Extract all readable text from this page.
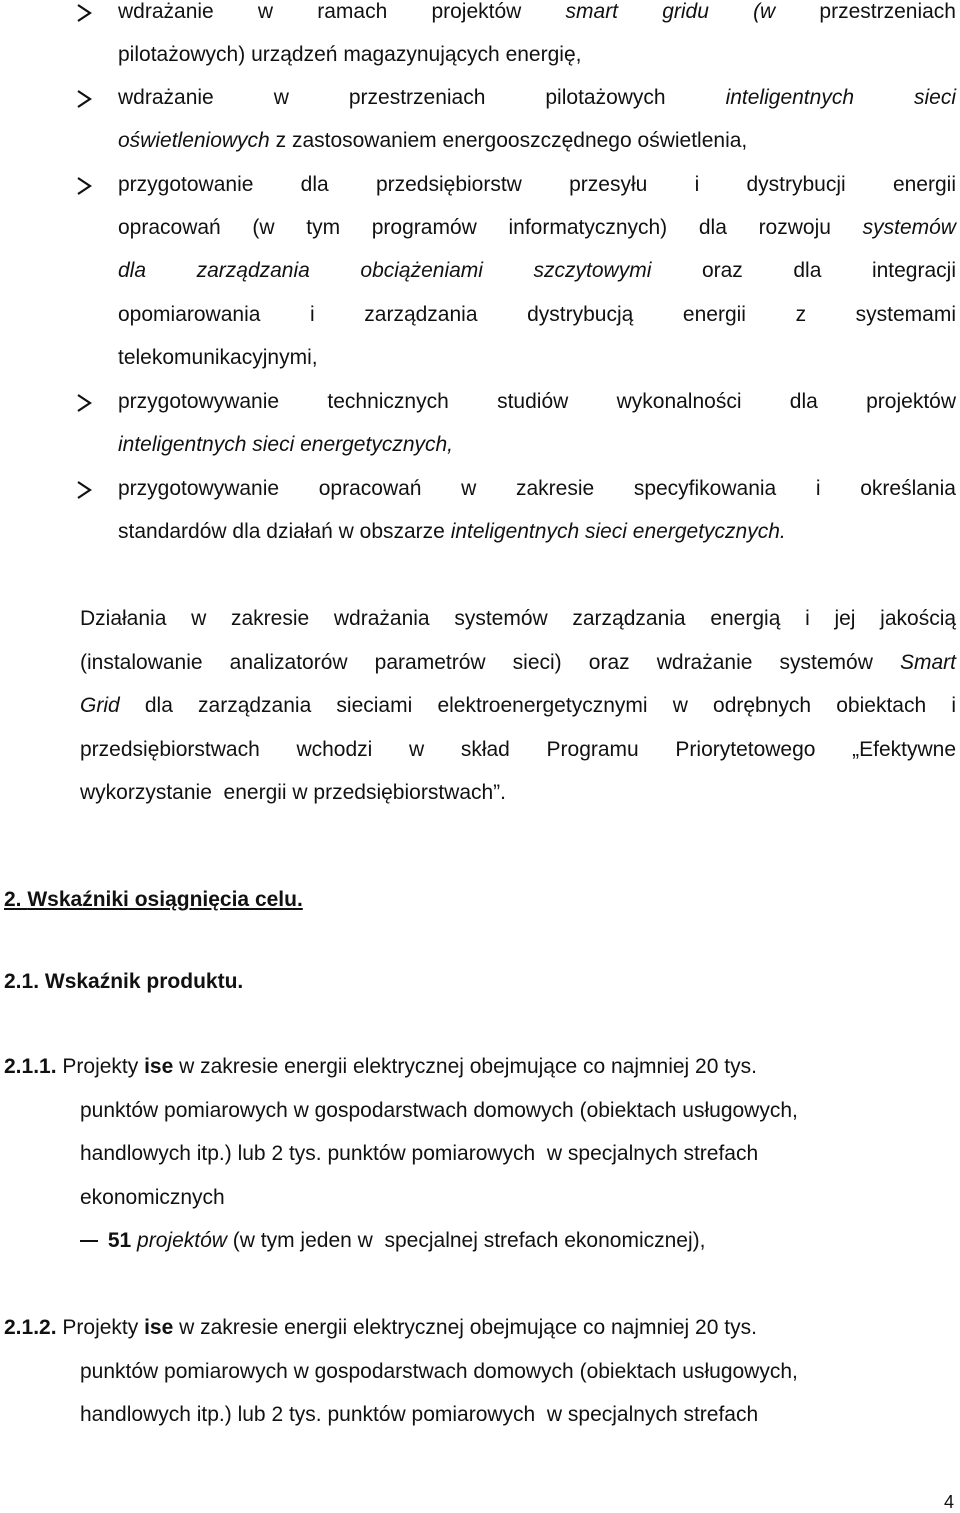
wdrażanie w ramach projektów smart gridu (w przestrzeniach
pilotażowych) urządzeń magazynujących energię,
wdrażanie	w	przestrzeniach	pilotażowych	inteligentnych	sieci
oświetleniowych z zastosowaniem energooszczędnego oświetlenia,
przygotowanie dla przedsiębiorstw przesyłu i dystrybucji energii
opracowań (w tym programów informatycznych) dla rozwoju systemów
dla zarządzania obciążeniami szczytowymi oraz dla integracji
opomiarowania i zarządzania dystrybucją energii z systemami
telekomunikacyjnymi,
przygotowywanie technicznych studiów wykonalności dla projektów
inteligentnych sieci energetycznych,
przygotowywanie opracowań w zakresie specyfikowania i określania
standardów dla działań w obszarze inteligentnych sieci energetycznych.
Działania w zakresie wdrażania systemów zarządzania energią i jej jakością
(instalowanie analizatorów parametrów sieci) oraz wdrażanie systemów Smart
Grid dla zarządzania sieciami elektroenergetycznymi w odrębnych obiektach i
przedsiębiorstwach wchodzi w skład Programu Priorytetowego „Efektywne
wykorzystanie  energii w przedsiębiorstwach”.
2. Wskaźniki osiągnięcia celu.
2.1. Wskaźnik produktu.
2.1.1. Projekty ise w zakresie energii elektrycznej obejmujące co najmniej 20 tys.
punktów pomiarowych w gospodarstwach domowych (obiektach usługowych,
handlowych itp.) lub 2 tys. punktów pomiarowych  w specjalnych strefach
ekonomicznych
51 projektów (w tym jeden w  specjalnej strefach ekonomicznej),
2.1.2. Projekty ise w zakresie energii elektrycznej obejmujące co najmniej 20 tys.
punktów pomiarowych w gospodarstwach domowych (obiektach usługowych,
handlowych itp.) lub 2 tys. punktów pomiarowych  w specjalnych strefach
4
